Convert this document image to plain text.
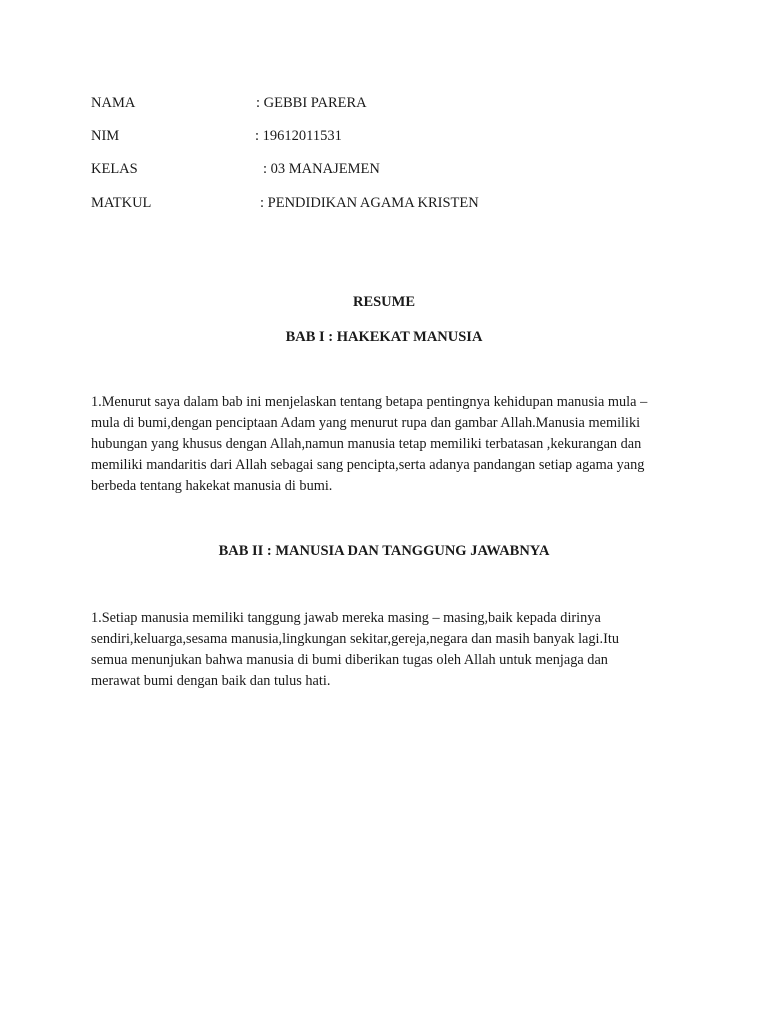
NAMA	: GEBBI PARERA
NIM	: 19612011531
KELAS	: 03 MANAJEMEN
MATKUL	: PENDIDIKAN AGAMA KRISTEN
RESUME
BAB I : HAKEKAT MANUSIA

1.Menurut saya dalam bab ini menjelaskan tentang betapa pentingnya kehidupan manusia mula –
mula di bumi,dengan penciptaan Adam yang menurut rupa dan gambar Allah.Manusia memiliki
hubungan yang khusus dengan Allah,namun manusia tetap memiliki terbatasan ,kekurangan dan
memiliki mandaritis dari Allah sebagai sang pencipta,serta adanya pandangan setiap agama yang
berbeda tentang hakekat manusia di bumi.

BAB II : MANUSIA DAN TANGGUNG JAWABNYA

1.Setiap manusia memiliki tanggung jawab mereka masing – masing,baik kepada dirinya
sendiri,keluarga,sesama manusia,lingkungan sekitar,gereja,negara dan masih banyak lagi.Itu
semua menunjukan bahwa manusia di bumi diberikan tugas oleh Allah untuk menjaga dan
merawat bumi dengan baik dan tulus hati.
